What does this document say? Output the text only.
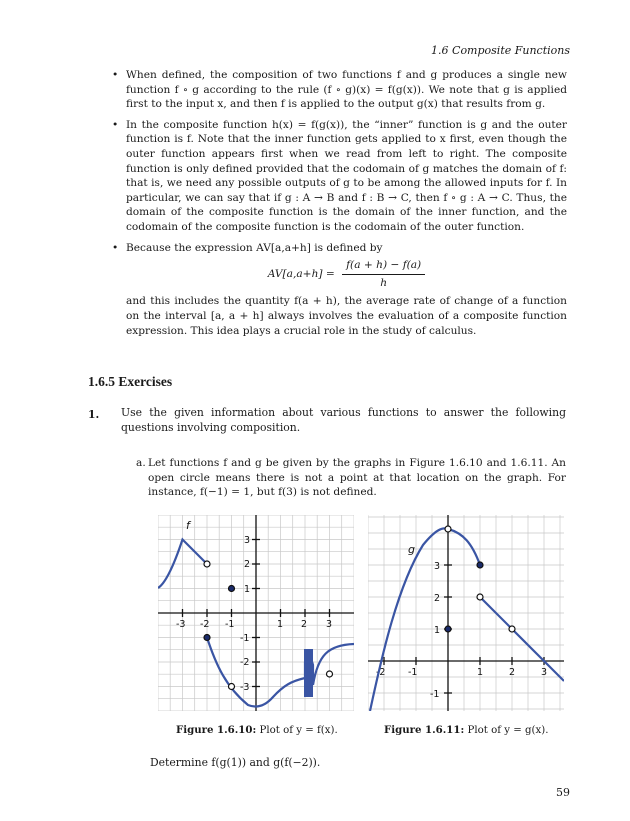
1.6 Composite Functions
• When defined, the composition of two functions f and g produces a single new function f ∘ g according to the rule (f ∘ g)(x) = f(g(x)). We note that g is applied first to the input x, and then f is applied to the output g(x) that results from g.
• In the composite function h(x) = f(g(x)), the “inner” function is g and the outer function is f. Note that the inner function gets applied to x first, even though the outer function appears first when we read from left to right. The composite function is only defined provided that the codomain of g matches the domain of f: that is, we need any possible outputs of g to be among the allowed inputs for f. In particular, we can say that if g : A → B and f : B → C, then f ∘ g : A → C. Thus, the domain of the composite function is the domain of the inner function, and the codomain of the composite function is the codomain of the outer function.
• Because the expression AV[a,a+h] is defined by
$AV[a,a+h] = \frac{f(a + h) - f(a)}{h}$
and this includes the quantity f(a + h), the average rate of change of a function on the interval [a, a + h] always involves the evaluation of a composite function expression. This idea plays a crucial role in the study of calculus.
1.6.5 Exercises
1. Use the given information about various functions to answer the following questions involving composition.
a. Let functions f and g be given by the graphs in Figure 1.6.10 and 1.6.11. An open circle means there is not a point at that location on the graph. For instance, f(−1) = 1, but f(3) is not defined.
-3 -2 -1	1 2 3
3
2
1
-1
-2
-3
f
-2 -1	1	2	3
3
2
1
-1
g
Figure 1.6.10: Plot of y = f(x).	Figure 1.6.11: Plot of y = g(x).
Determine f(g(1)) and g(f(−2)).
59
